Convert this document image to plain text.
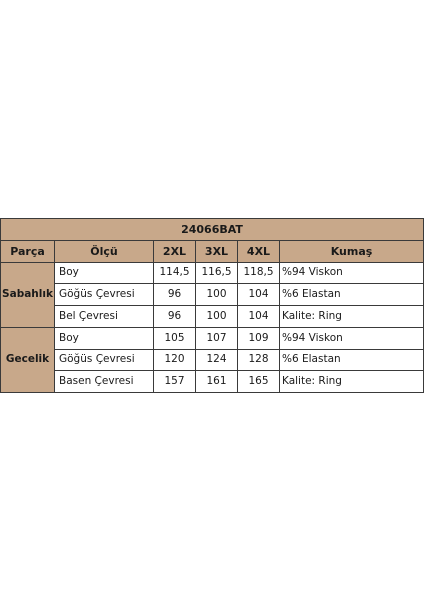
24066BAT					
Parça	Ölçü	2XL	3XL	4XL	Kumaş
Sabahlık	Boy	114,5	116,5	118,5	%94 Viskon
	Göğüs Çevresi	96	100	104	%6 Elastan
	Bel Çevresi	96	100	104	Kalite: Ring
Gecelik	Boy	105	107	109	%94 Viskon
	Göğüs Çevresi	120	124	128	%6 Elastan
	Basen Çevresi	157	161	165	Kalite: Ring
